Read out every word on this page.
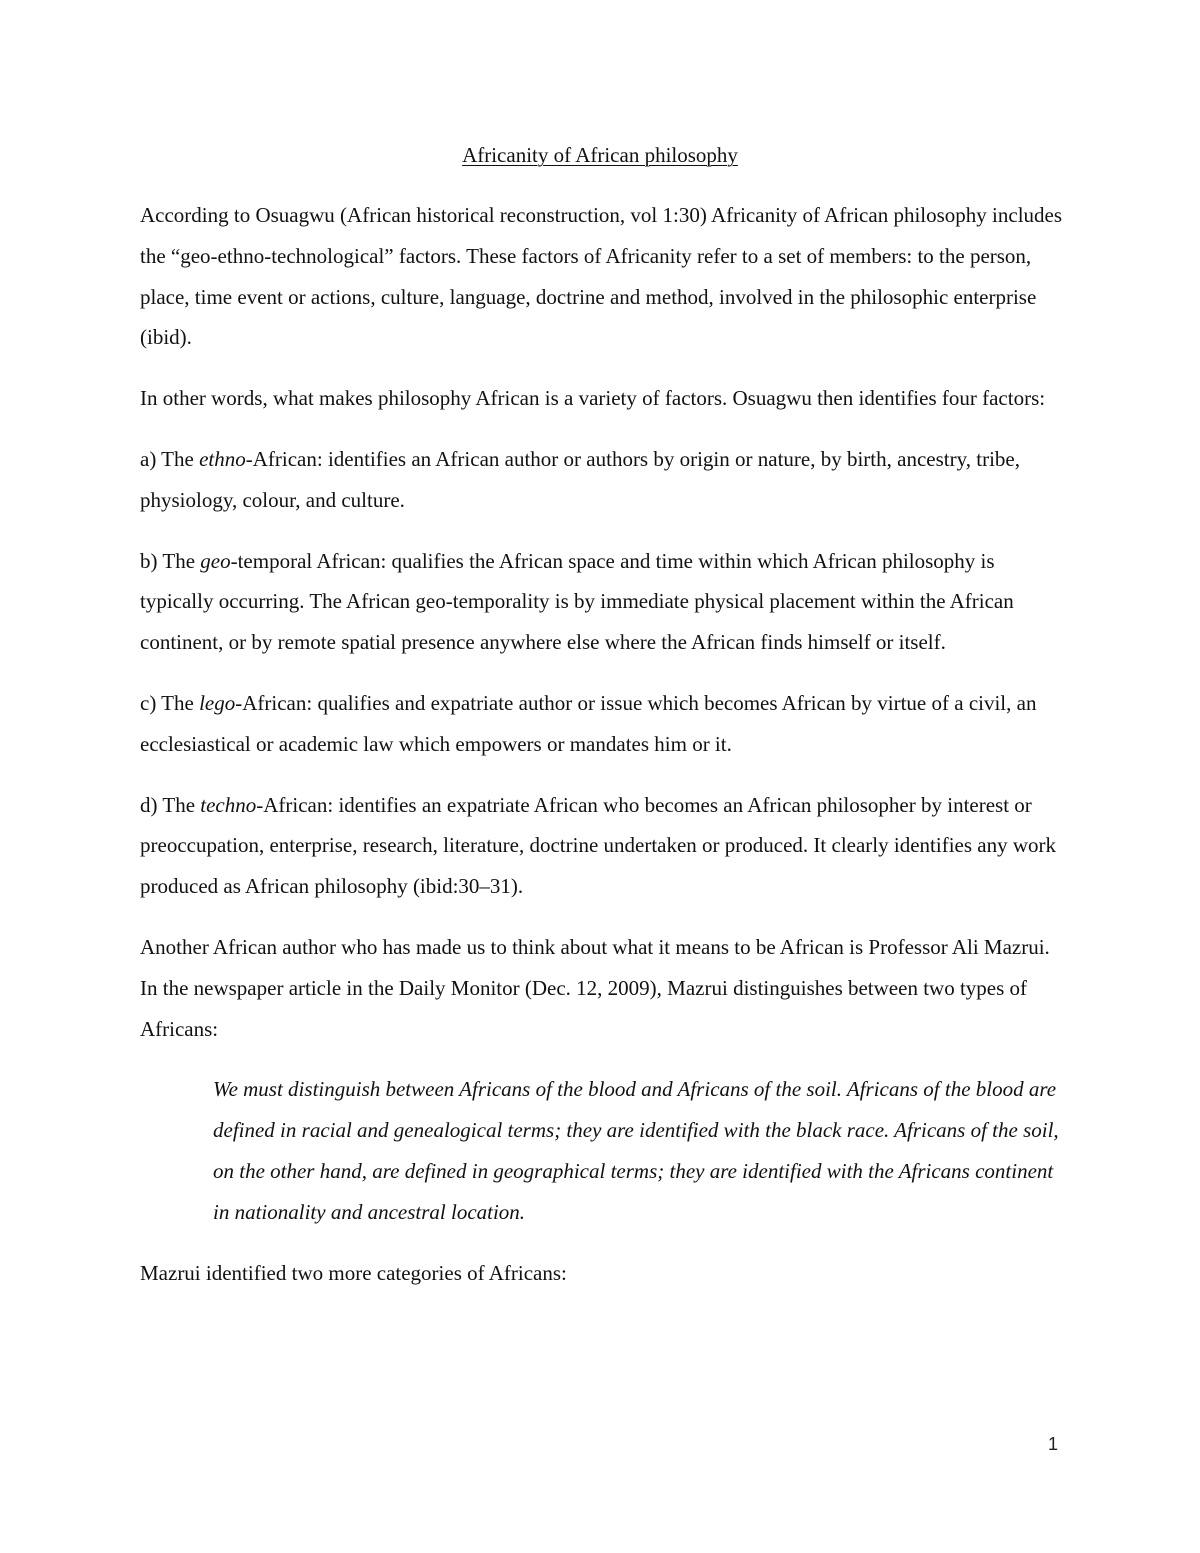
Africanity of African philosophy

According to Osuagwu (African historical reconstruction, vol 1:30) Africanity of African philosophy includes the “geo-ethno-technological” factors. These factors of Africanity refer to a set of members: to the person, place, time event or actions, culture, language, doctrine and method, involved in the philosophic enterprise (ibid).

In other words, what makes philosophy African is a variety of factors. Osuagwu then identifies four factors:

a) The ethno-African: identifies an African author or authors by origin or nature, by birth, ancestry, tribe, physiology, colour, and culture.

b) The geo-temporal African: qualifies the African space and time within which African philosophy is typically occurring. The African geo-temporality is by immediate physical placement within the African continent, or by remote spatial presence anywhere else where the African finds himself or itself.

c) The lego-African: qualifies and expatriate author or issue which becomes African by virtue of a civil, an ecclesiastical or academic law which empowers or mandates him or it.

d) The techno-African: identifies an expatriate African who becomes an African philosopher by interest or preoccupation, enterprise, research, literature, doctrine undertaken or produced. It clearly identifies any work produced as African philosophy (ibid:30–31).

Another African author who has made us to think about what it means to be African is Professor Ali Mazrui. In the newspaper article in the Daily Monitor (Dec. 12, 2009), Mazrui distinguishes between two types of Africans:

We must distinguish between Africans of the blood and Africans of the soil. Africans of the blood are defined in racial and genealogical terms; they are identified with the black race. Africans of the soil, on the other hand, are defined in geographical terms; they are identified with the Africans continent in nationality and ancestral location.

Mazrui identified two more categories of Africans:

1
